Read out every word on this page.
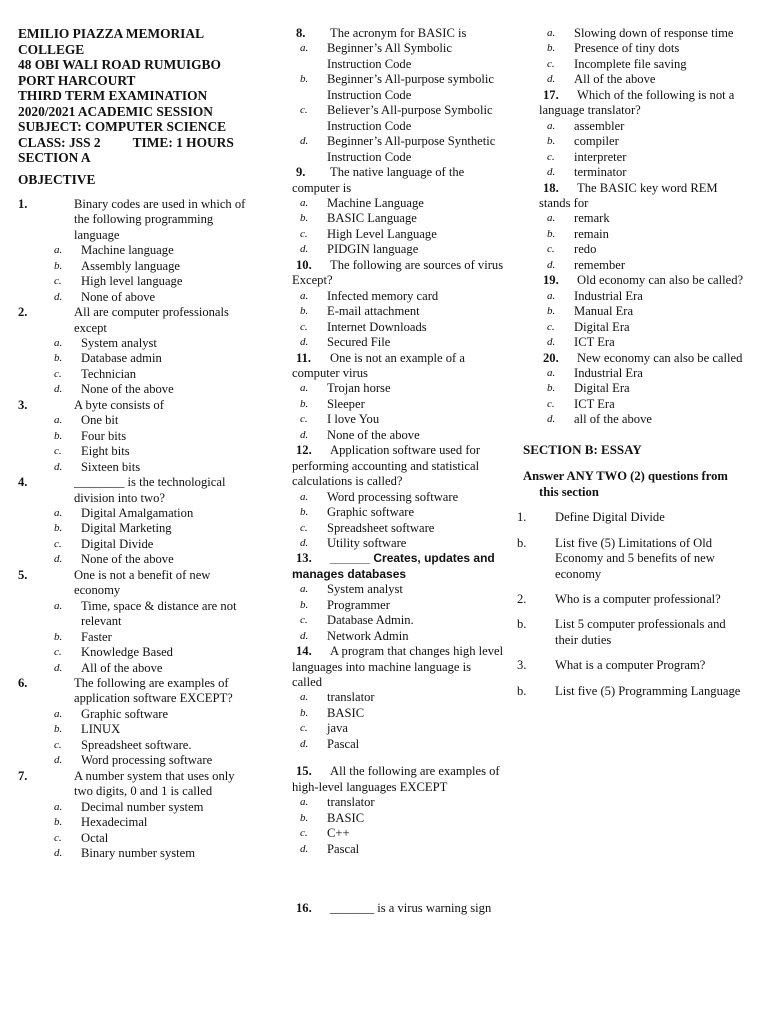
EMILIO PIAZZA MEMORIAL
COLLEGE
48 OBI WALI ROAD RUMUIGBO
PORT HARCOURT
THIRD TERM EXAMINATION
2020/2021 ACADEMIC SESSION
SUBJECT: COMPUTER SCIENCE
CLASS: JSS 2 TIME: 1 HOURS
SECTION A
OBJECTIVE
1.	Binary codes are used in which of the following programming language
a. Machine language
b. Assembly language
c. High level language
d. None of above
2.	All are computer professionals except
a. System analyst
b. Database admin
c. Technician
d. None of the above
3.	A byte consists of
a. One bit
b. Four bits
c. Eight bits
d. Sixteen bits
4.	________ is the technological division into two?
a. Digital Amalgamation
b. Digital Marketing
c. Digital Divide
d. None of the above
5.	One is not a benefit of new economy
a. Time, space & distance are not relevant
b. Faster
c. Knowledge Based
d. All of the above
6.	The following are examples of application software EXCEPT?
a. Graphic software
b. LINUX
c. Spreadsheet software.
d. Word processing software
7.	A number system that uses only two digits, 0 and 1 is called
a. Decimal number system
b. Hexadecimal
c. Octal
d. Binary number system
8. The acronym for BASIC is
a. Beginner’s All Symbolic Instruction Code
b. Beginner’s All-purpose symbolic Instruction Code
c. Believer’s All-purpose Symbolic Instruction Code
d. Beginner’s All-purpose Synthetic Instruction Code
9. The native language of the computer is
a. Machine Language
b. BASIC Language
c. High Level Language
d. PIDGIN language
10. The following are sources of virus Except?
a. Infected memory card
b. E-mail attachment
c. Internet Downloads
d. Secured File
11. One is not an example of a computer virus
a. Trojan horse
b. Sleeper
c. I love You
d. None of the above
12. Application software used for performing accounting and statistical calculations is called?
a. Word processing software
b. Graphic software
c. Spreadsheet software
d. Utility software
13. ______ Creates, updates and manages databases
a. System analyst
b. Programmer
c. Database Admin.
d. Network Admin
14. A program that changes high level languages into machine language is called
a. translator
b. BASIC
c. java
d. Pascal
15. All the following are examples of high-level languages EXCEPT
a. translator
b. BASIC
c. C++
d. Pascal
16. _______ is a virus warning sign
a. Slowing down of response time
b. Presence of tiny dots
c. Incomplete file saving
d. All of the above
17. Which of the following is not a language translator?
a. assembler
b. compiler
c. interpreter
d. terminator
18. The BASIC key word REM stands for
a. remark
b. remain
c. redo
d. remember
19. Old economy can also be called?
a. Industrial Era
b. Manual Era
c. Digital Era
d. ICT Era
20. New economy can also be called
a. Industrial Era
b. Digital Era
c. ICT Era
d. all of the above
SECTION B: ESSAY
Answer ANY TWO (2) questions from this section
1. Define Digital Divide
b. List five (5) Limitations of Old Economy and 5 benefits of new economy
2. Who is a computer professional?
b. List 5 computer professionals and their duties
3. What is a computer Program?
b. List five (5) Programming Language
